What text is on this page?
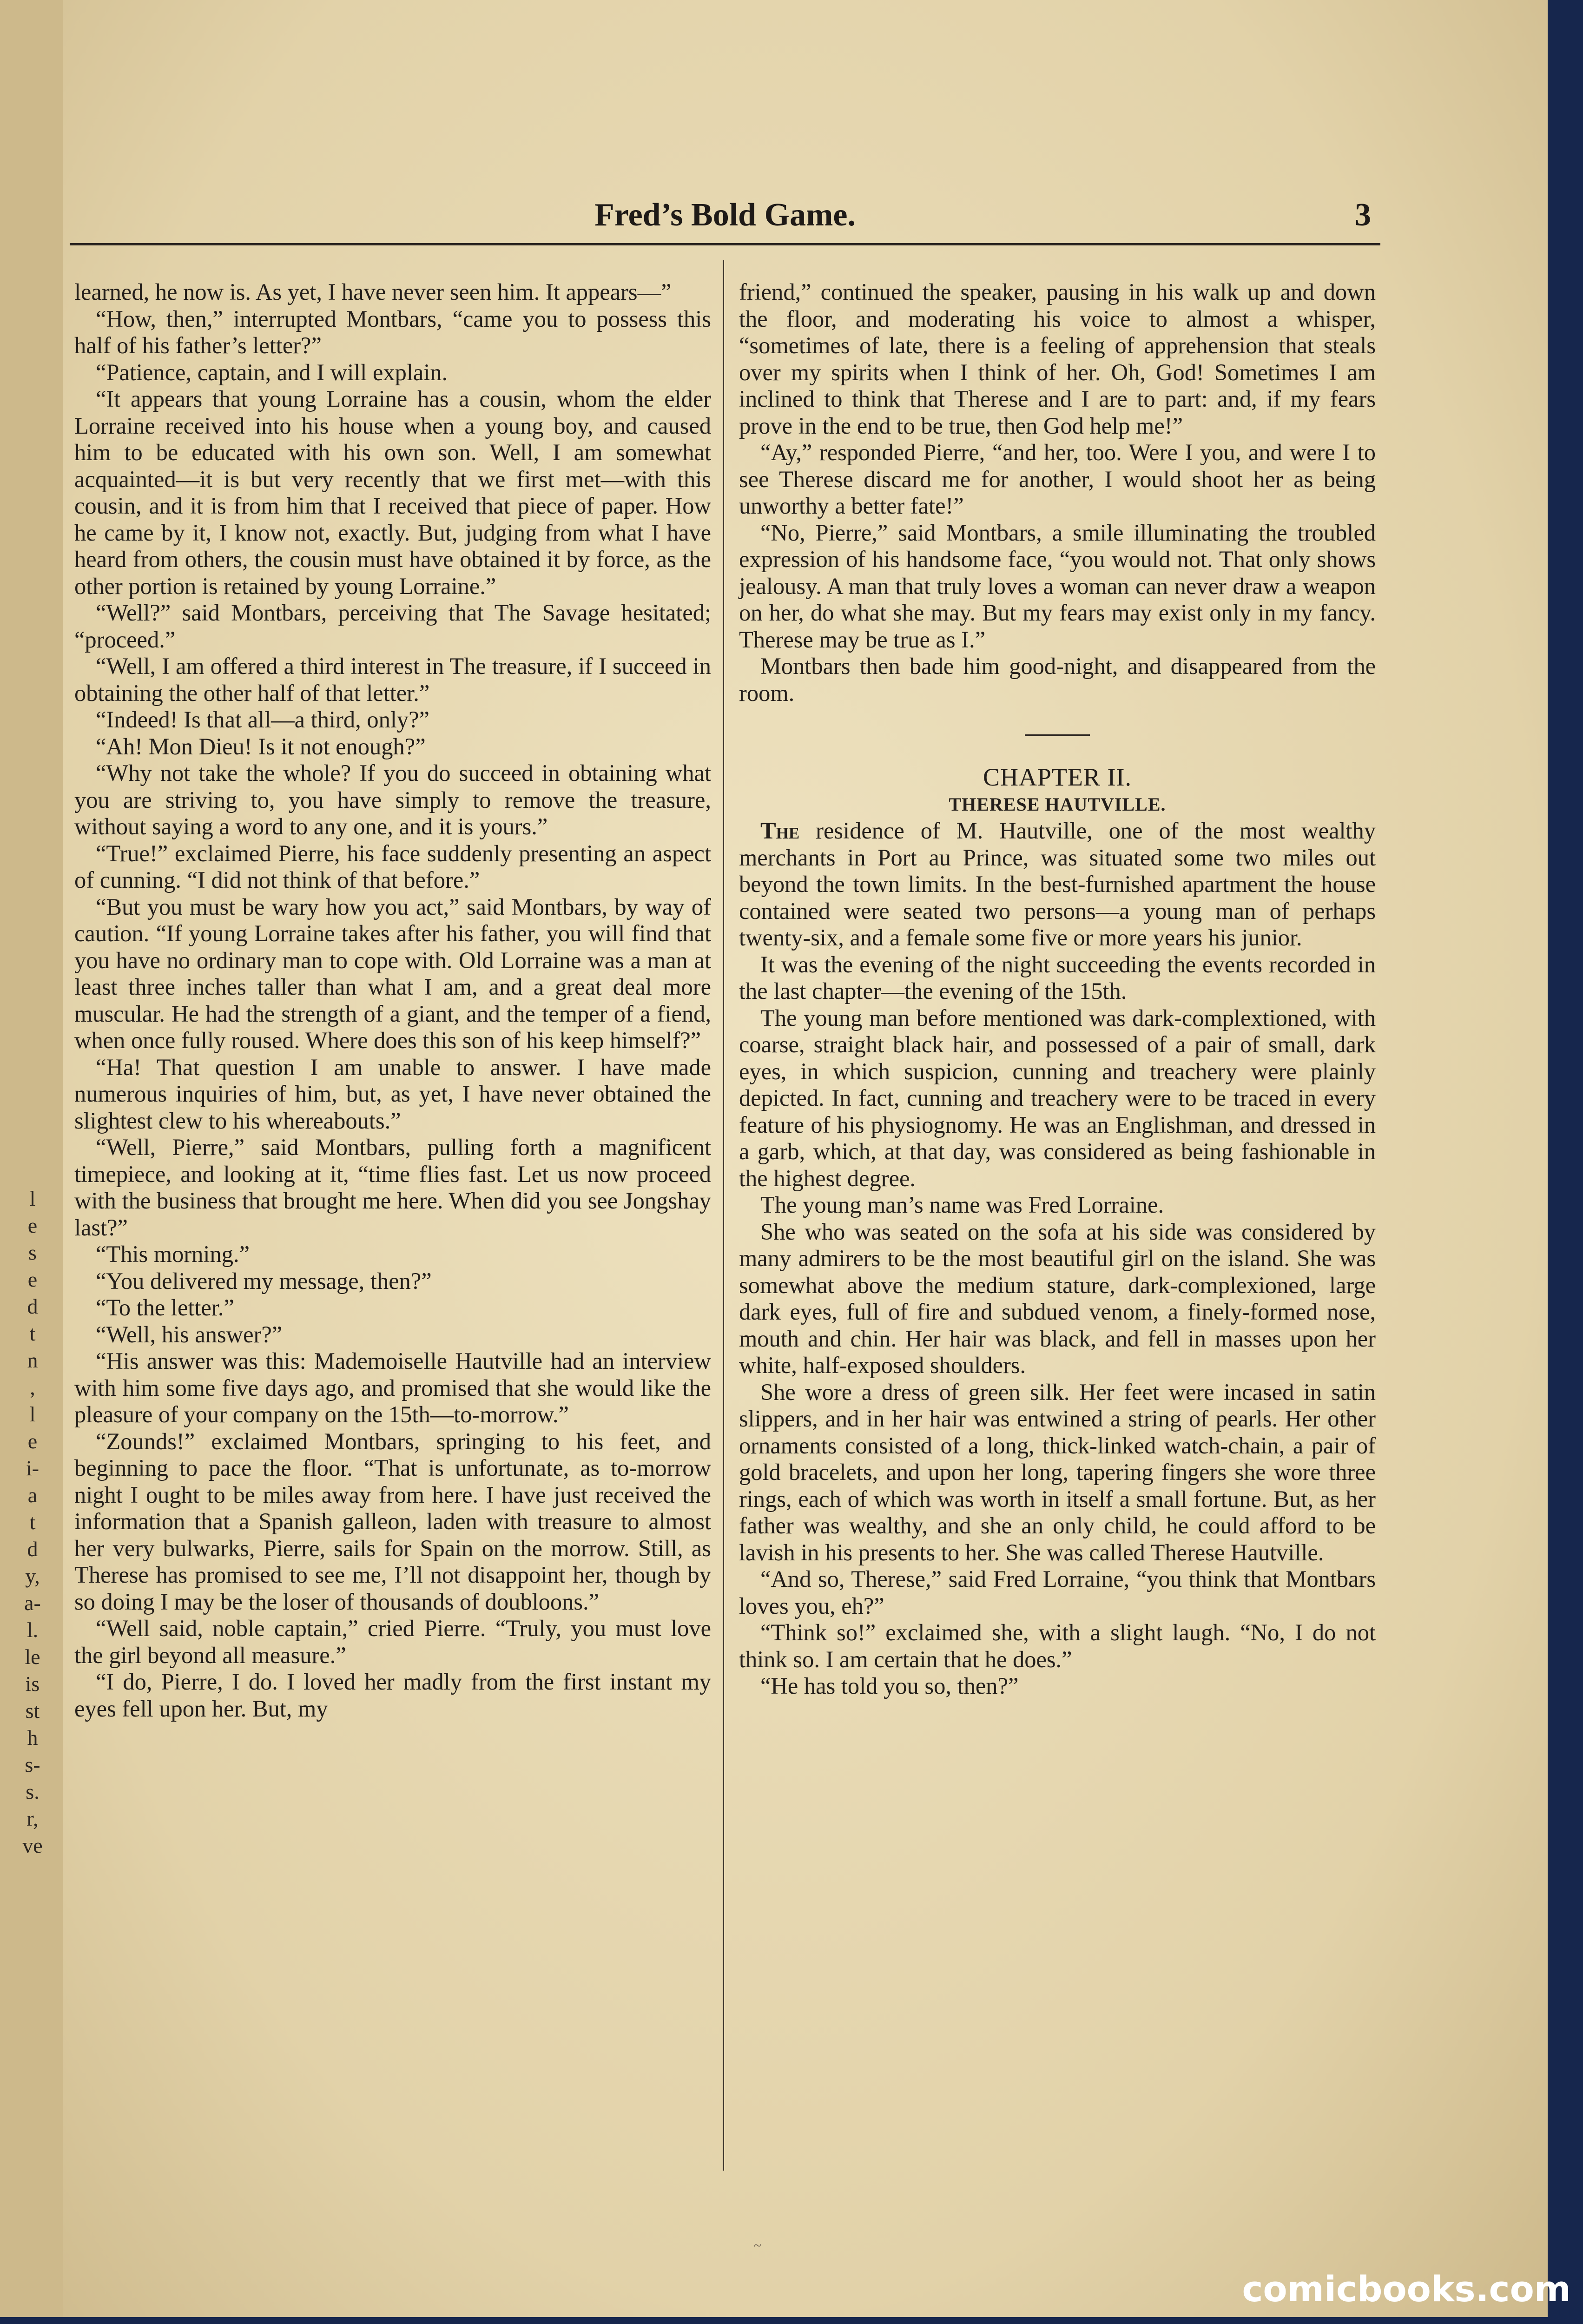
l
e
s
e
d
t
n
,
l
e
i-
a
t
d
y,
a-
l.
le
is
st
h
s-
s.
r,
ve
Fred’s Bold Game.	3

learned, he now is. As yet, I have never seen him. It appears—”

“How, then,” interrupted Montbars, “came you to possess this half of his father’s letter?”

“Patience, captain, and I will explain.

“It appears that young Lorraine has a cousin, whom the elder Lorraine received into his house when a young boy, and caused him to be educated with his own son. Well, I am somewhat acquainted—it is but very recently that we first met—with this cousin, and it is from him that I received that piece of paper. How he came by it, I know not, exactly. But, judging from what I have heard from others, the cousin must have obtained it by force, as the other portion is retained by young Lorraine.”

“Well?” said Montbars, perceiving that The Savage hesitated; “proceed.”

“Well, I am offered a third interest in The treasure, if I succeed in obtaining the other half of that letter.”

“Indeed! Is that all—a third, only?”

“Ah! Mon Dieu! Is it not enough?”

“Why not take the whole? If you do succeed in obtaining what you are striving to, you have simply to remove the treasure, without saying a word to any one, and it is yours.”

“True!” exclaimed Pierre, his face suddenly presenting an aspect of cunning. “I did not think of that before.”

“But you must be wary how you act,” said Montbars, by way of caution. “If young Lorraine takes after his father, you will find that you have no ordinary man to cope with. Old Lorraine was a man at least three inches taller than what I am, and a great deal more muscular. He had the strength of a giant, and the temper of a fiend, when once fully roused. Where does this son of his keep himself?”

“Ha! That question I am unable to answer. I have made numerous inquiries of him, but, as yet, I have never obtained the slightest clew to his whereabouts.”

“Well, Pierre,” said Montbars, pulling forth a magnificent timepiece, and looking at it, “time flies fast. Let us now proceed with the business that brought me here. When did you see Jongshay last?”

“This morning.”

“You delivered my message, then?”

“To the letter.”

“Well, his answer?”

“His answer was this: Mademoiselle Hautville had an interview with him some five days ago, and promised that she would like the pleasure of your company on the 15th—to-morrow.”

“Zounds!” exclaimed Montbars, springing to his feet, and beginning to pace the floor. “That is unfortunate, as to-morrow night I ought to be miles away from here. I have just received the information that a Spanish galleon, laden with treasure to almost her very bulwarks, Pierre, sails for Spain on the morrow. Still, as Therese has promised to see me, I’ll not disappoint her, though by so doing I may be the loser of thousands of doubloons.”

“Well said, noble captain,” cried Pierre. “Truly, you must love the girl beyond all measure.”

“I do, Pierre, I do. I loved her madly from the first instant my eyes fell upon her. But, my

friend,” continued the speaker, pausing in his walk up and down the floor, and moderating his voice to almost a whisper, “sometimes of late, there is a feeling of apprehension that steals over my spirits when I think of her. Oh, God! Sometimes I am inclined to think that Therese and I are to part: and, if my fears prove in the end to be true, then God help me!”

“Ay,” responded Pierre, “and her, too. Were I you, and were I to see Therese discard me for another, I would shoot her as being unworthy a better fate!”

“No, Pierre,” said Montbars, a smile illuminating the troubled expression of his handsome face, “you would not. That only shows jealousy. A man that truly loves a woman can never draw a weapon on her, do what she may. But my fears may exist only in my fancy. Therese may be true as I.”

Montbars then bade him good-night, and disappeared from the room.

CHAPTER II.

THERESE HAUTVILLE.

The residence of M. Hautville, one of the most wealthy merchants in Port au Prince, was situated some two miles out beyond the town limits. In the best-furnished apartment the house contained were seated two persons—a young man of perhaps twenty-six, and a female some five or more years his junior.

It was the evening of the night succeeding the events recorded in the last chapter—the evening of the 15th.

The young man before mentioned was dark-complextioned, with coarse, straight black hair, and possessed of a pair of small, dark eyes, in which suspicion, cunning and treachery were plainly depicted. In fact, cunning and treachery were to be traced in every feature of his physiognomy. He was an Englishman, and dressed in a garb, which, at that day, was considered as being fashionable in the highest degree.

The young man’s name was Fred Lorraine.

She who was seated on the sofa at his side was considered by many admirers to be the most beautiful girl on the island. She was somewhat above the medium stature, dark-complexioned, large dark eyes, full of fire and subdued venom, a finely-formed nose, mouth and chin. Her hair was black, and fell in masses upon her white, half-exposed shoulders.

She wore a dress of green silk. Her feet were incased in satin slippers, and in her hair was entwined a string of pearls. Her other ornaments consisted of a long, thick-linked watch-chain, a pair of gold bracelets, and upon her long, tapering fingers she wore three rings, each of which was worth in itself a small fortune. But, as her father was wealthy, and she an only child, he could afford to be lavish in his presents to her. She was called Therese Hautville.

“And so, Therese,” said Fred Lorraine, “you think that Montbars loves you, eh?”

“Think so!” exclaimed she, with a slight laugh. “No, I do not think so. I am certain that he does.”

“He has told you so, then?”

~
comicbooks.com
